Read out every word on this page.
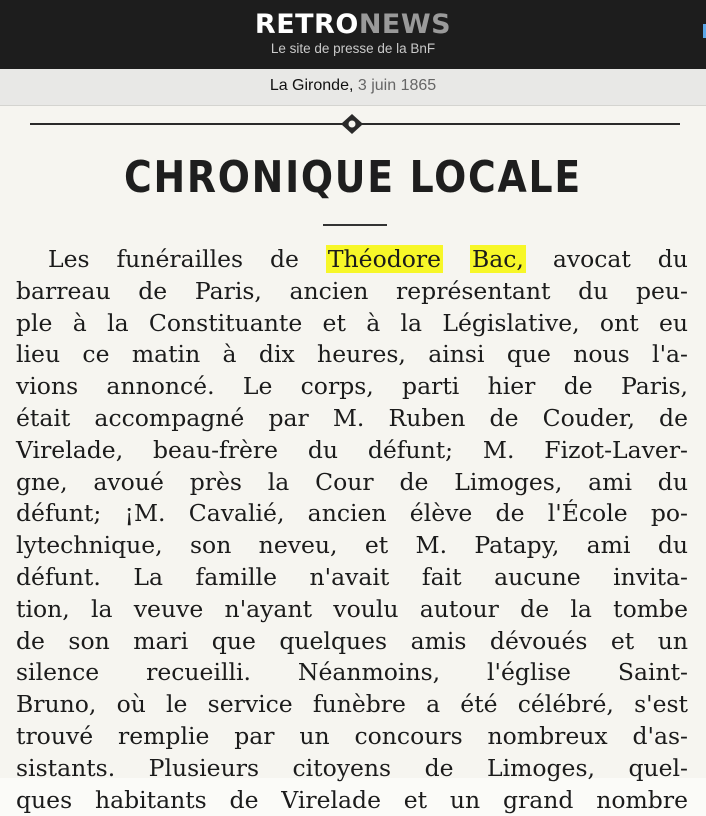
RETRONEWS
Le site de presse de la BnF
La Gironde, 3 juin 1865
CHRONIQUE LOCALE
Les funérailles de Théodore Bac, avocat du
barreau de Paris, ancien représentant du peu-
ple à la Constituante et à la Législative, ont eu
lieu ce matin à dix heures, ainsi que nous l'a-
vions annoncé. Le corps, parti hier de Paris,
était accompagné par M. Ruben de Couder, de
Virelade, beau-frère du défunt; M. Fizot-Laver-
gne, avoué près la Cour de Limoges, ami du
défunt; ¡M. Cavalié, ancien élève de l'École po-
lytechnique, son neveu, et M. Patapy, ami du
défunt. La famille n'avait fait aucune invita-
tion, la veuve n'ayant voulu autour de la tombe
de son mari que quelques amis dévoués et un
silence recueilli. Néanmoins, l'église Saint-
Bruno, où le service funèbre a été célébré, s'est
trouvé remplie par un concours nombreux d'as-
sistants. Plusieurs citoyens de Limoges, quel-
ques habitants de Virelade et un grand nombre
